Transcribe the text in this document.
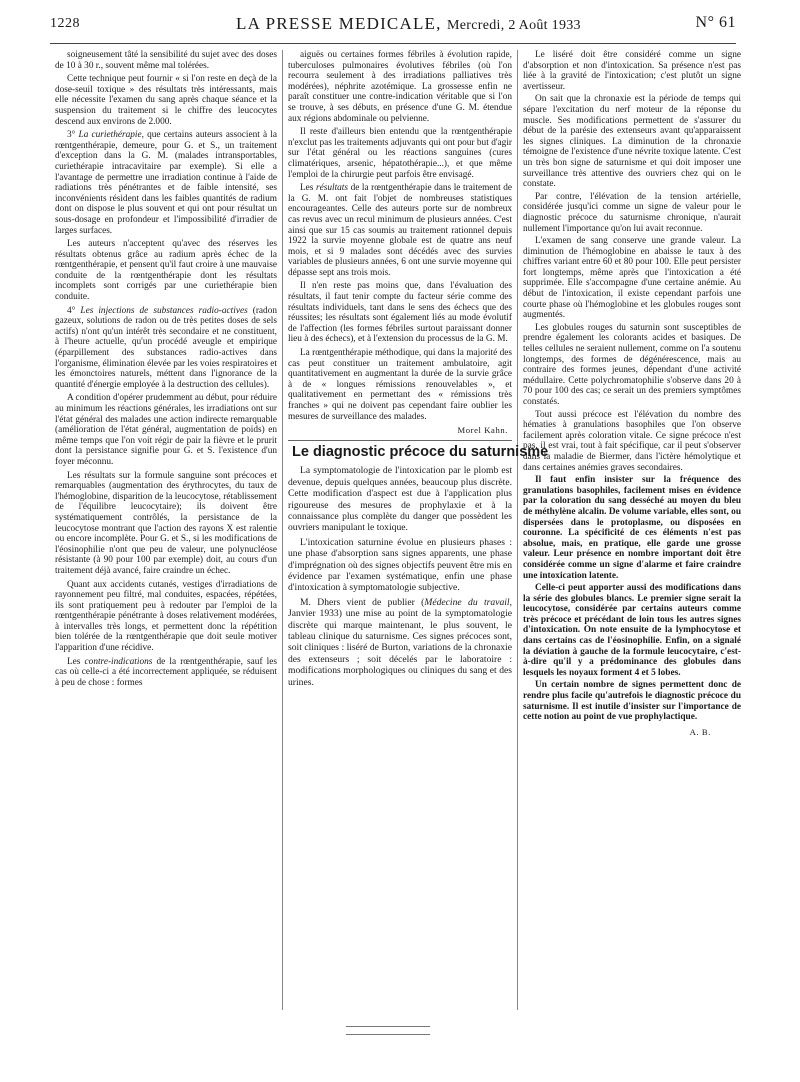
1228	LA PRESSE MEDICALE, Mercredi, 2 Août 1933	N° 61

soigneusement tâté la sensibilité du sujet avec des doses de 10 à 30 r., souvent même mal tolérées.

Cette technique peut fournir « si l'on reste en deçà de la dose-seuil toxique » des résultats très intéressants, mais elle nécessite l'examen du sang après chaque séance et la suspension du traitement si le chiffre des leucocytes descend aux environs de 2.000.

3° La curiethérapie, que certains auteurs associent à la rœntgenthérapie, demeure, pour G. et S., un traitement d'exception dans la G. M. (malades intransportables, curiethérapie intracavitaire par exemple). Si elle a l'avantage de permettre une irradiation continue à l'aide de radiations très pénétrantes et de faible intensité, ses inconvénients résident dans les faibles quantités de radium dont on dispose le plus souvent et qui ont pour résultat un sous-dosage en profondeur et l'impossibilité d'irradier de larges surfaces.

Les auteurs n'acceptent qu'avec des réserves les résultats obtenus grâce au radium après échec de la rœntgenthérapie, et pensent qu'il faut croire à une mauvaise conduite de la rœntgenthérapie dont les résultats incomplets sont corrigés par une curiethérapie bien conduite.

4° Les injections de substances radio-actives (radon gazeux, solutions de radon ou de très petites doses de sels actifs) n'ont qu'un intérêt très secondaire et ne constituent, à l'heure actuelle, qu'un procédé aveugle et empirique (éparpillement des substances radio-actives dans l'organisme, élimination élevée par les voies respiratoires et les émonctoires naturels, méttent dans l'ignorance de la quantité d'énergie employée à la destruction des cellules).

A condition d'opérer prudemment au début, pour réduire au minimum les réactions générales, les irradiations ont sur l'état général des malades une action indirecte remarquable (amélioration de l'état général, augmentation de poids) en même temps que l'on voit régir de pair la fièvre et le prurit dont la persistance signifie pour G. et S. l'existence d'un foyer méconnu.

Les résultats sur la formule sanguine sont précoces et remarquables (augmentation des érythrocytes, du taux de l'hémoglobine, disparition de la leucocytose, rétablissement de l'équilibre leucocytaire); ils doivent être systématiquement contrôlés, la persistance de la leucocytose montrant que l'action des rayons X est ralentie ou encore incomplète. Pour G. et S., si les modifications de l'éosinophilie n'ont que peu de valeur, une polynucléose résistante (à 90 pour 100 par exemple) doit, au cours d'un traitement déjà avancé, faire craindre un échec.

Quant aux accidents cutanés, vestiges d'irradiations de rayonnement peu filtré, mal conduites, espacées, répétées, ils sont pratiquement peu à redouter par l'emploi de la rœntgenthérapie pénétrante à doses relativement modérées, à intervalles très longs, et permettent donc la répétition bien tolérée de la rœntgenthérapie que doit seule motiver l'apparition d'une récidive.

Les contre-indications de la rœntgenthérapie, sauf les cas où celle-ci a été incorrectement appliquée, se réduisent à peu de chose : formes

aiguës ou certaines formes fébriles à évolution rapide, tuberculoses pulmonaires évolutives fébriles (où l'on recourra seulement à des irradiations palliatives très modérées), néphrite azotémique. La grossesse enfin ne paraît constituer une contre-indication véritable que si l'on se trouve, à ses débuts, en présence d'une G. M. étendue aux régions abdominale ou pelvienne.

Il reste d'ailleurs bien entendu que la rœntgenthérapie n'exclut pas les traitements adjuvants qui ont pour but d'agir sur l'état général ou les réactions sanguines (cures climatériques, arsenic, hépatothérapie...), et que même l'emploi de la chirurgie peut parfois être envisagé.

Les résultats de la rœntgenthérapie dans le traitement de la G. M. ont fait l'objet de nombreuses statistiques encourageantes. Celle des auteurs porte sur de nombreux cas revus avec un recul minimum de plusieurs années. C'est ainsi que sur 15 cas soumis au traitement rationnel depuis 1922 la survie moyenne globale est de quatre ans neuf mois, et si 9 malades sont décédés avec des survies variables de plusieurs années, 6 ont une survie moyenne qui dépasse sept ans trois mois.

Il n'en reste pas moins que, dans l'évaluation des résultats, il faut tenir compte du facteur série comme des résultats individuels, tant dans le sens des échecs que des réussites; les résultats sont également liés au mode évolutif de l'affection (les formes fébriles surtout paraissant donner lieu à des échecs), et à l'extension du processus de la G. M.

La rœntgenthérapie méthodique, qui dans la majorité des cas peut constituer un traitement ambulatoire, agit quantitativement en augmentant la durée de la survie grâce à de « longues rémissions renouvelables », et qualitativement en permettant des « rémissions très franches » qui ne doivent pas cependant faire oublier les mesures de surveillance des malades.

Morel Kahn.
Le diagnostic précoce du saturnisme

La symptomatologie de l'intoxication par le plomb est devenue, depuis quelques années, beaucoup plus discrète. Cette modification d'aspect est due à l'application plus rigoureuse des mesures de prophylaxie et à la connaissance plus complète du danger que possèdent les ouvriers manipulant le toxique.

L'intoxication saturnine évolue en plusieurs phases : une phase d'absorption sans signes apparents, une phase d'imprégnation où des signes objectifs peuvent être mis en évidence par l'examen systématique, enfin une phase d'intoxication à symptomatologie subjective.

M. Dhers vient de publier (Médecine du travail, Janvier 1933) une mise au point de la symptomatologie discrète qui marque maintenant, le plus souvent, le tableau clinique du saturnisme. Ces signes précoces sont, soit cliniques : liséré de Burton, variations de la chronaxie des extenseurs ; soit décelés par le laboratoire : modifications morphologiques ou cliniques du sang et des urines.

Le liséré doit être considéré comme un signe d'absorption et non d'intoxication. Sa présence n'est pas liée à la gravité de l'intoxication; c'est plutôt un signe avertisseur.

On sait que la chronaxie est la période de temps qui sépare l'excitation du nerf moteur de la réponse du muscle. Ses modifications permettent de s'assurer du début de la parésie des extenseurs avant qu'apparaissent les signes cliniques. La diminution de la chronaxie témoigne de l'existence d'une névrite toxique latente. C'est un très bon signe de saturnisme et qui doit imposer une surveillance très attentive des ouvriers chez qui on le constate.

Par contre, l'élévation de la tension artérielle, considérée jusqu'ici comme un signe de valeur pour le diagnostic précoce du saturnisme chronique, n'aurait nullement l'importance qu'on lui avait reconnue.

L'examen de sang conserve une grande valeur. La diminution de l'hémoglobine en abaisse le taux à des chiffres variant entre 60 et 80 pour 100. Elle peut persister fort longtemps, même après que l'intoxication a été supprimée. Elle s'accompagne d'une certaine anémie. Au début de l'intoxication, il existe cependant parfois une courte phase où l'hémoglobine et les globules rouges sont augmentés.

Les globules rouges du saturnin sont susceptibles de prendre également les colorants acides et basiques. De telles cellules ne seraient nullement, comme on l'a soutenu longtemps, des formes de dégénérescence, mais au contraire des formes jeunes, dépendant d'une activité médullaire. Cette polychromatophilie s'observe dans 20 à 70 pour 100 des cas; ce serait un des premiers symptômes constatés.

Tout aussi précoce est l'élévation du nombre des hématies à granulations basophiles que l'on observe facilement après coloration vitale. Ce signe précoce n'est pas, il est vrai, tout à fait spécifique, car il peut s'observer dans la maladie de Biermer, dans l'ictère hémolytique et dans certaines anémies graves secondaires.

Il faut enfin insister sur la fréquence des granulations basophiles, facilement mises en évidence par la coloration du sang desséché au moyen du bleu de méthylène alcalin. De volume variable, elles sont, ou dispersées dans le protoplasme, ou disposées en couronne. La spécificité de ces éléments n'est pas absolue, mais, en pratique, elle garde une grosse valeur. Leur présence en nombre important doit être considérée comme un signe d'alarme et faire craindre une intoxication latente.

Celle-ci peut apporter aussi des modifications dans la série des globules blancs. Le premier signe serait la leucocytose, considérée par certains auteurs comme très précoce et précédant de loin tous les autres signes d'intoxication. On note ensuite de la lymphocytose et dans certains cas de l'éosinophilie. Enfin, on a signalé la déviation à gauche de la formule leucocytaire, c'est-à-dire qu'il y a prédominance des globules dans lesquels les noyaux forment 4 et 5 lobes.

Un certain nombre de signes permettent donc de rendre plus facile qu'autrefois le diagnostic précoce du saturnisme. Il est inutile d'insister sur l'importance de cette notion au point de vue prophylactique.

A. B.
